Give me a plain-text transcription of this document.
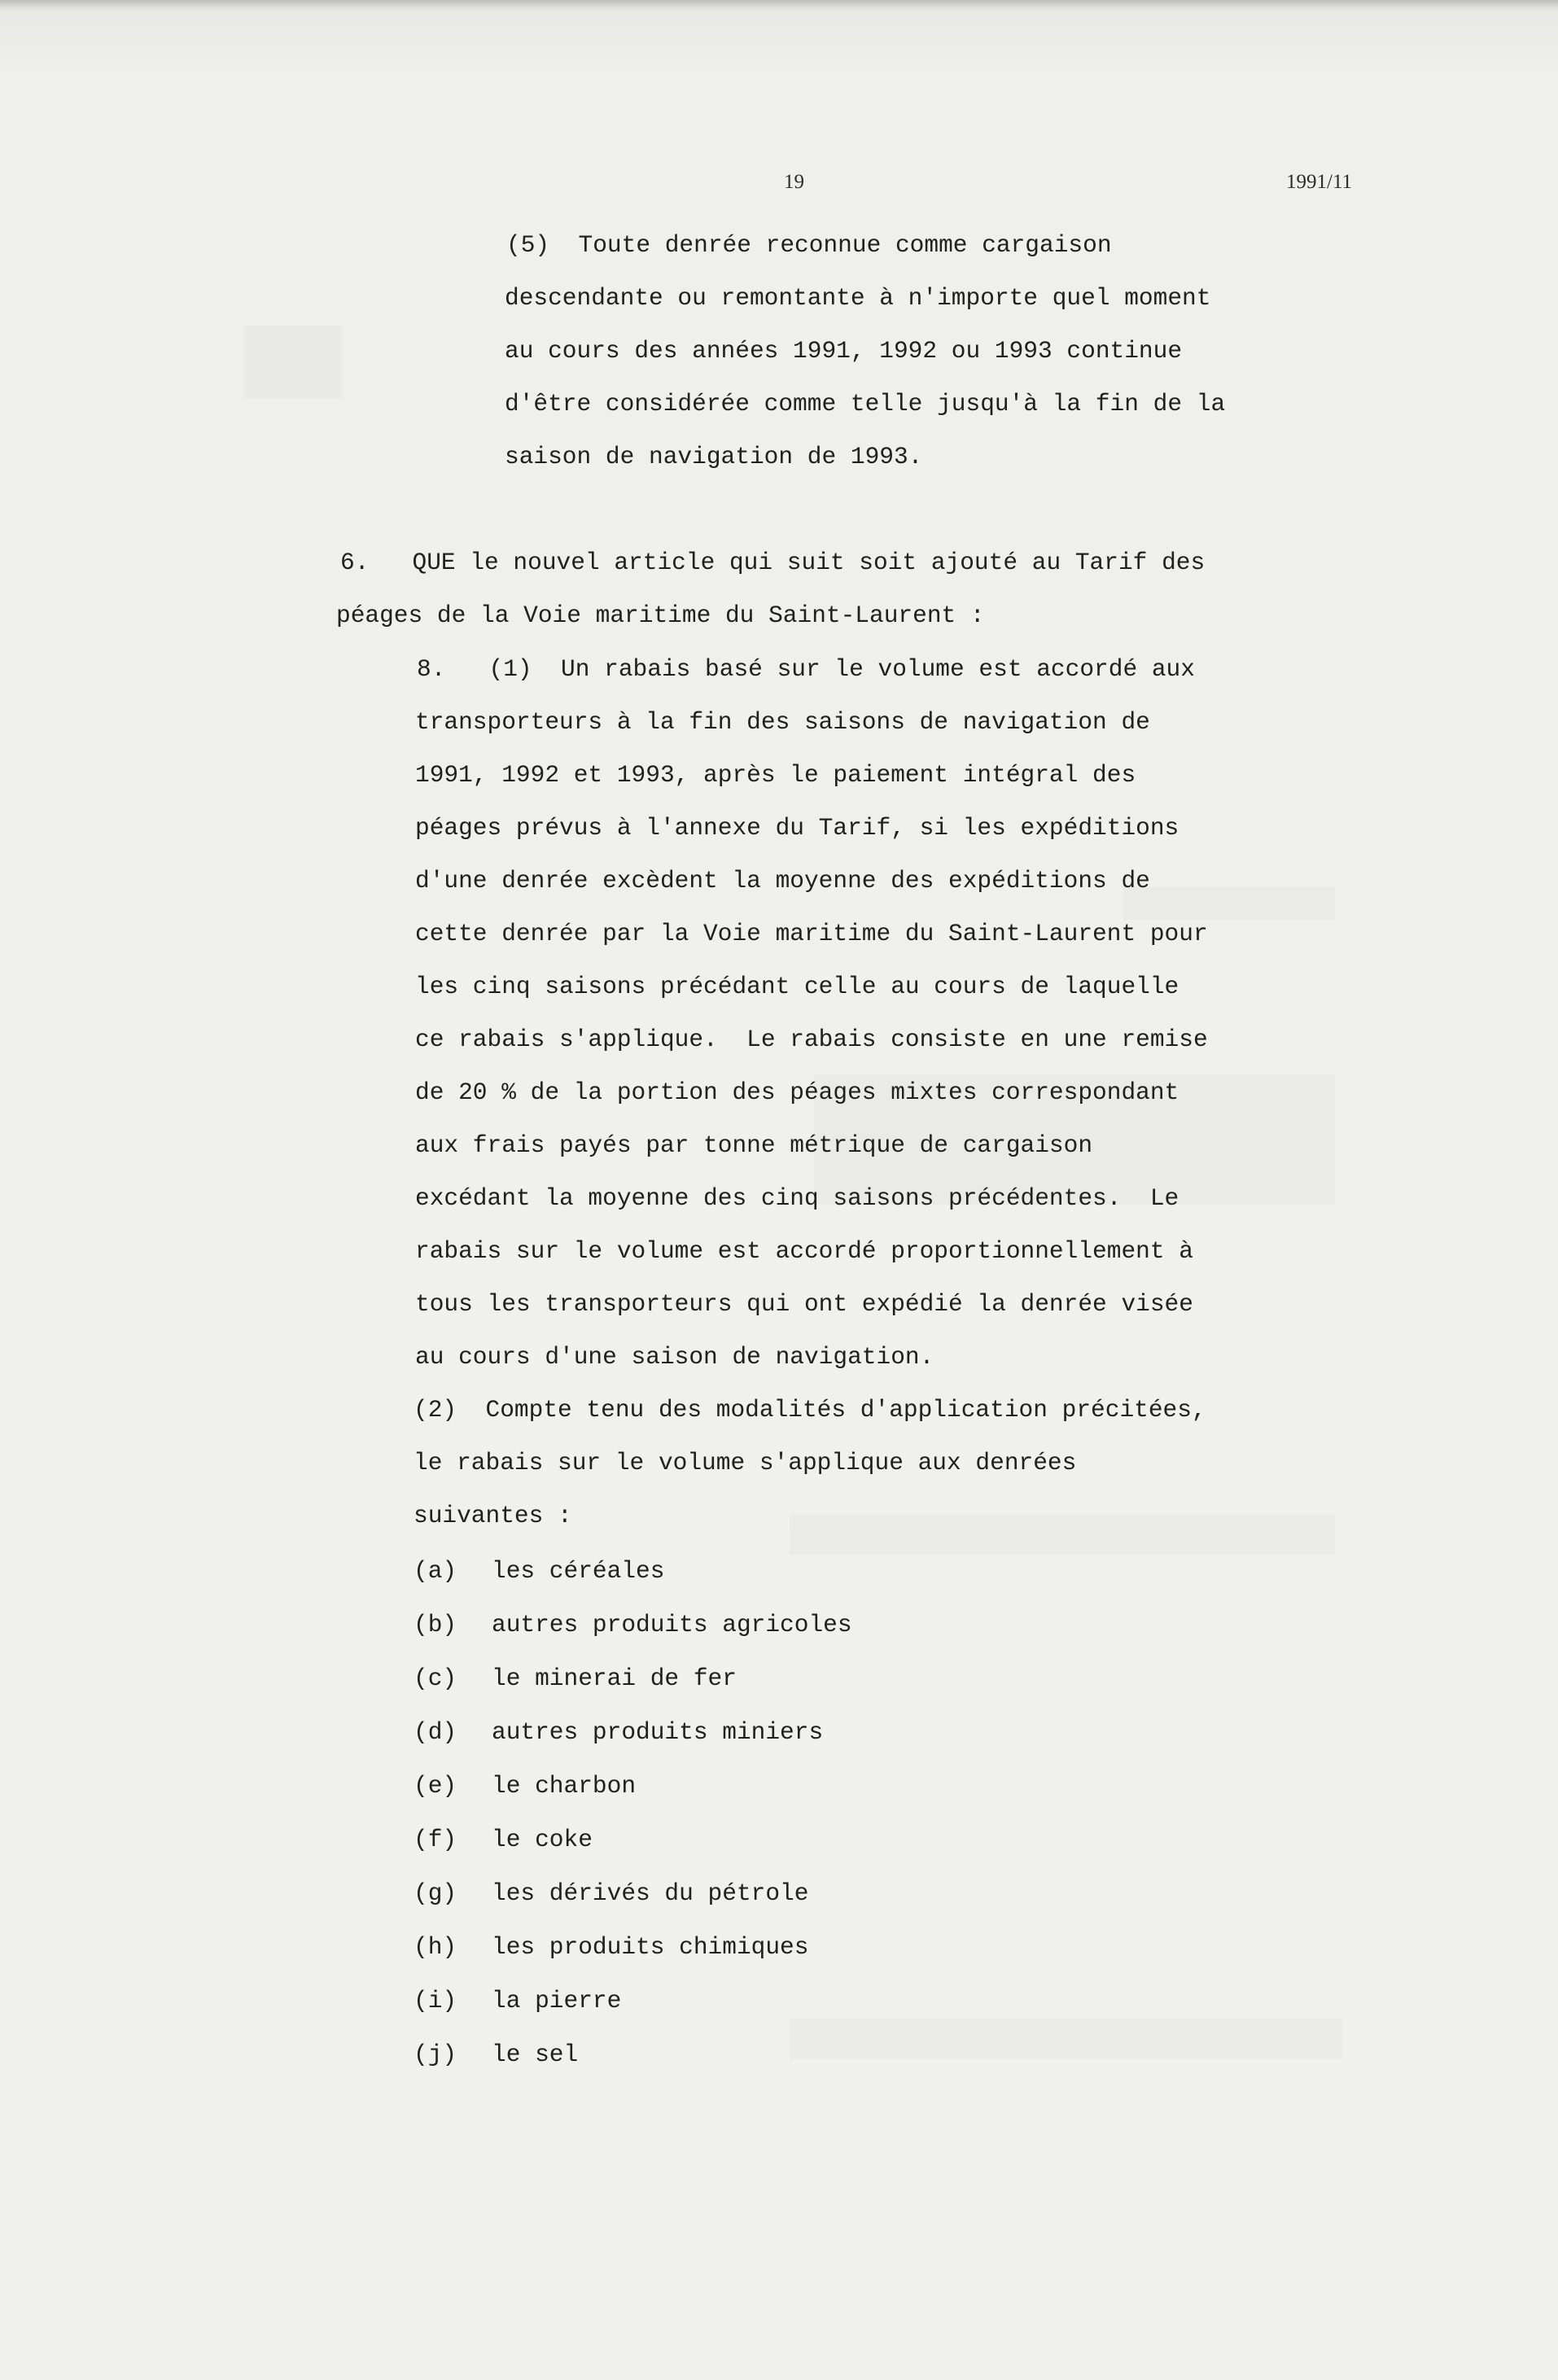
19	1991/11
(5)  Toute denrée reconnue comme cargaison
descendante ou remontante à n'importe quel moment
au cours des années 1991, 1992 ou 1993 continue
d'être considérée comme telle jusqu'à la fin de la
saison de navigation de 1993.
6.   QUE le nouvel article qui suit soit ajouté au Tarif des
péages de la Voie maritime du Saint-Laurent :
8.   (1)  Un rabais basé sur le volume est accordé aux
transporteurs à la fin des saisons de navigation de
1991, 1992 et 1993, après le paiement intégral des
péages prévus à l'annexe du Tarif, si les expéditions
d'une denrée excèdent la moyenne des expéditions de
cette denrée par la Voie maritime du Saint-Laurent pour
les cinq saisons précédant celle au cours de laquelle
ce rabais s'applique.  Le rabais consiste en une remise
de 20 % de la portion des péages mixtes correspondant
aux frais payés par tonne métrique de cargaison
excédant la moyenne des cinq saisons précédentes.  Le
rabais sur le volume est accordé proportionnellement à
tous les transporteurs qui ont expédié la denrée visée
au cours d'une saison de navigation.
(2)  Compte tenu des modalités d'application précitées,
le rabais sur le volume s'applique aux denrées
suivantes :
(a) les céréales
(b) autres produits agricoles
(c) le minerai de fer
(d) autres produits miniers
(e) le charbon
(f) le coke
(g) les dérivés du pétrole
(h) les produits chimiques
(i) la pierre
(j) le sel
